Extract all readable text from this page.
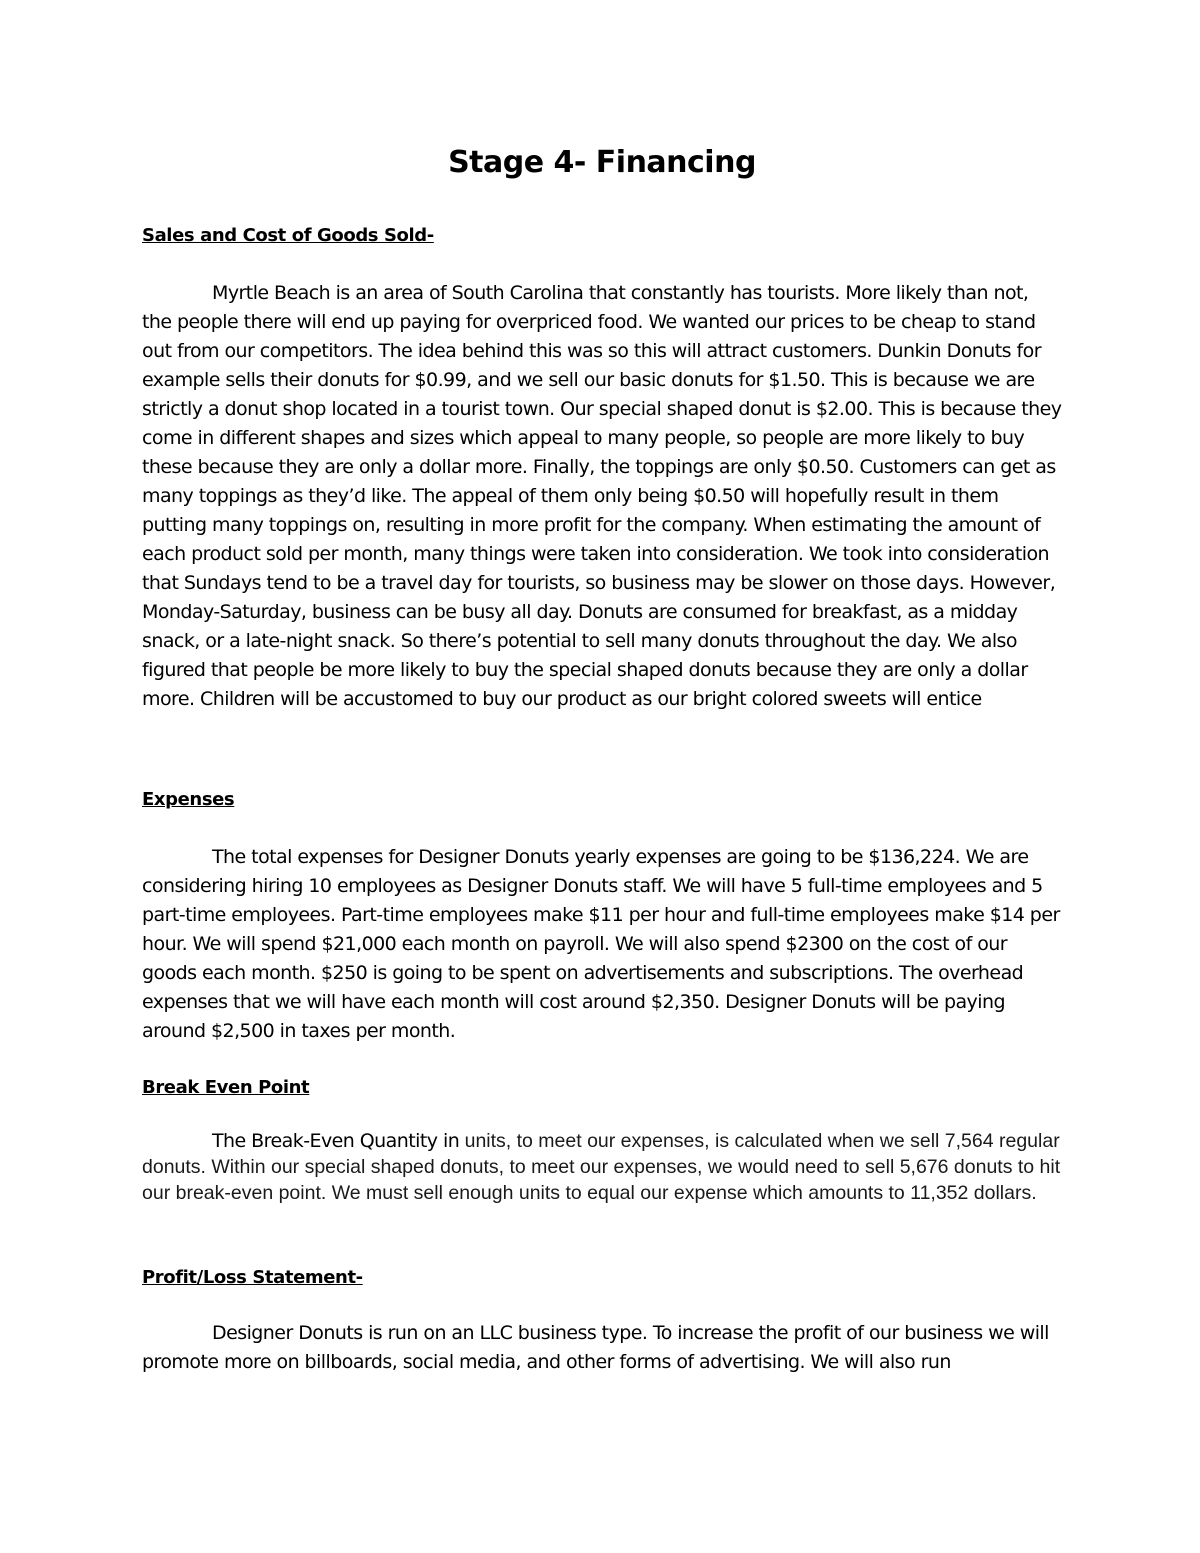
Stage 4- Financing
Sales and Cost of Goods Sold-

Myrtle Beach is an area of South Carolina that constantly has tourists. More likely than not, the people there will end up paying for overpriced food. We wanted our prices to be cheap to stand out from our competitors. The idea behind this was so this will attract customers. Dunkin Donuts for example sells their donuts for $0.99, and we sell our basic donuts for $1.50. This is because we are strictly a donut shop located in a tourist town. Our special shaped donut is $2.00. This is because they come in different shapes and sizes which appeal to many people, so people are more likely to buy these because they are only a dollar more. Finally, the toppings are only $0.50. Customers can get as many toppings as they’d like. The appeal of them only being $0.50 will hopefully result in them putting many toppings on, resulting in more profit for the company. When estimating the amount of each product sold per month, many things were taken into consideration. We took into consideration that Sundays tend to be a travel day for tourists, so business may be slower on those days. However, Monday-Saturday, business can be busy all day. Donuts are consumed for breakfast, as a midday snack, or a late-night snack. So there’s potential to sell many donuts throughout the day. We also figured that people be more likely to buy the special shaped donuts because they are only a dollar more. Children will be accustomed to buy our product as our bright colored sweets will entice

Expenses

The total expenses for Designer Donuts yearly expenses are going to be $136,224. We are considering hiring 10 employees as Designer Donuts staff. We will have 5 full-time employees and 5 part-time employees. Part-time employees make $11 per hour and full-time employees make $14 per hour. We will spend $21,000 each month on payroll. We will also spend $2300 on the cost of our goods each month. $250 is going to be spent on advertisements and subscriptions. The overhead expenses that we will have each month will cost around $2,350. Designer Donuts will be paying around $2,500 in taxes per month.

Break Even Point

The Break-Even Quantity in units, to meet our expenses, is calculated when we sell 7,564 regular donuts. Within our special shaped donuts, to meet our expenses, we would need to sell 5,676 donuts to hit our break-even point. We must sell enough units to equal our expense which amounts to 11,352 dollars.

Profit/Loss Statement-

Designer Donuts is run on an LLC business type. To increase the profit of our business we will promote more on billboards, social media, and other forms of advertising. We will also run
